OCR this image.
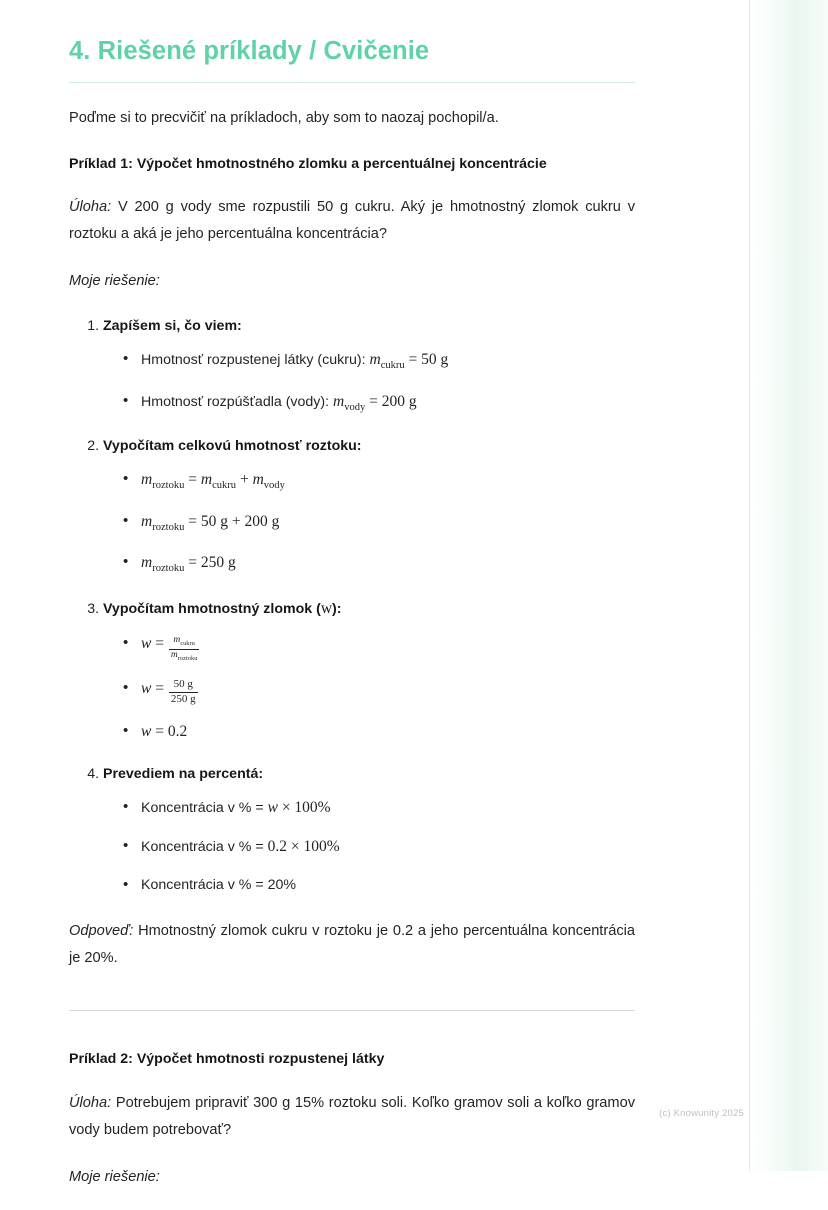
4. Riešené príklady / Cvičenie

Poďme si to precvičiť na príkladoch, aby som to naozaj pochopil/a.

Príklad 1: Výpočet hmotnostného zlomku a percentuálnej koncentrácie

Úloha: V 200 g vody sme rozpustili 50 g cukru. Aký je hmotnostný zlomok cukru v roztoku a aká je jeho percentuálna koncentrácia?

Moje riešenie:

1. Zapíšem si, čo viem:
• Hmotnosť rozpustenej látky (cukru): $m_{cukru} = 50$ g
• Hmotnosť rozpúšťadla (vody): $m_{vody} = 200$ g
2. Vypočítam celkovú hmotnosť roztoku:
• $m_{roztoku} = m_{cukru} + m_{vody}$
• $m_{roztoku} = 50$ g + 200 g
• $m_{roztoku} = 250$ g
3. Vypočítam hmotnostný zlomok (w):
• $w = \frac{m_{cukru}}{m_{roztoku}}$
• $w = \frac{50 g}{250 g}$
• w = 0.2
4. Prevediem na percentá:
• Koncentrácia v % = w × 100%
• Koncentrácia v % = 0.2 × 100%
• Koncentrácia v % = 20%

Odpoveď: Hmotnostný zlomok cukru v roztoku je 0.2 a jeho percentuálna koncentrácia je 20%.

Príklad 2: Výpočet hmotnosti rozpustenej látky

Úloha: Potrebujem pripraviť 300 g 15% roztoku soli. Koľko gramov soli a koľko gramov vody budem potrebovať?

Moje riešenie:

(c) Knowunity 2025
